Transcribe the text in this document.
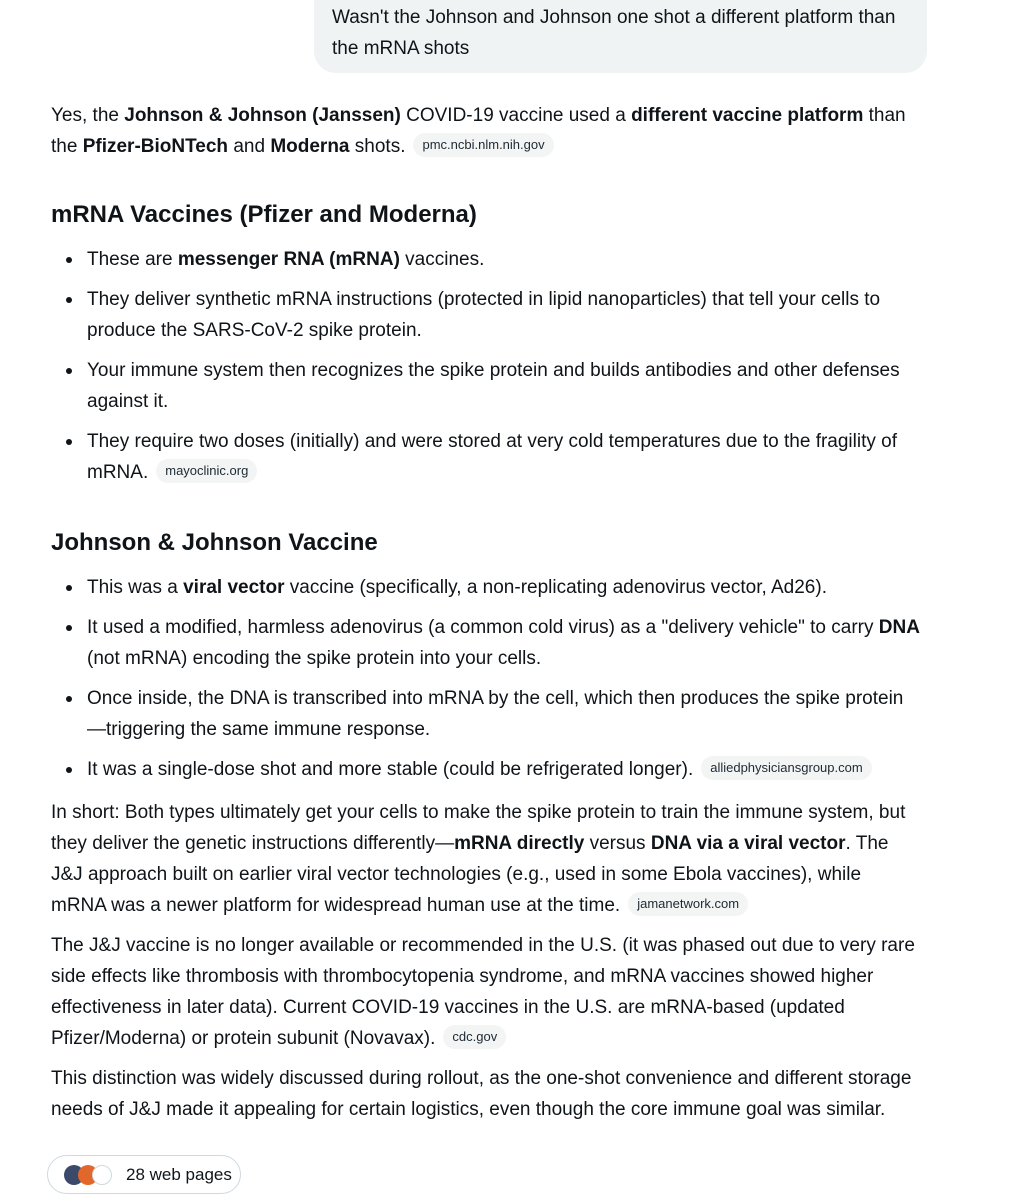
Wasn't the Johnson and Johnson one shot a different platform than the mRNA shots

Yes, the Johnson & Johnson (Janssen) COVID-19 vaccine used a different vaccine platform than the Pfizer-BioNTech and Moderna shots. pmc.ncbi.nlm.nih.gov

mRNA Vaccines (Pfizer and Moderna)
These are messenger RNA (mRNA) vaccines.
They deliver synthetic mRNA instructions (protected in lipid nanoparticles) that tell your cells to produce the SARS-CoV-2 spike protein.
Your immune system then recognizes the spike protein and builds antibodies and other defenses against it.
They require two doses (initially) and were stored at very cold temperatures due to the fragility of mRNA. mayoclinic.org
Johnson & Johnson Vaccine
This was a viral vector vaccine (specifically, a non-replicating adenovirus vector, Ad26).
It used a modified, harmless adenovirus (a common cold virus) as a "delivery vehicle" to carry DNA (not mRNA) encoding the spike protein into your cells.
Once inside, the DNA is transcribed into mRNA by the cell, which then produces the spike protein—triggering the same immune response.
It was a single-dose shot and more stable (could be refrigerated longer). alliedphysiciansgroup.com

In short: Both types ultimately get your cells to make the spike protein to train the immune system, but they deliver the genetic instructions differently—mRNA directly versus DNA via a viral vector. The J&J approach built on earlier viral vector technologies (e.g., used in some Ebola vaccines), while mRNA was a newer platform for widespread human use at the time. jamanetwork.com

The J&J vaccine is no longer available or recommended in the U.S. (it was phased out due to very rare side effects like thrombosis with thrombocytopenia syndrome, and mRNA vaccines showed higher effectiveness in later data). Current COVID-19 vaccines in the U.S. are mRNA-based (updated Pfizer/Moderna) or protein subunit (Novavax). cdc.gov

This distinction was widely discussed during rollout, as the one-shot convenience and different storage needs of J&J made it appealing for certain logistics, even though the core immune goal was similar.

28 web pages
